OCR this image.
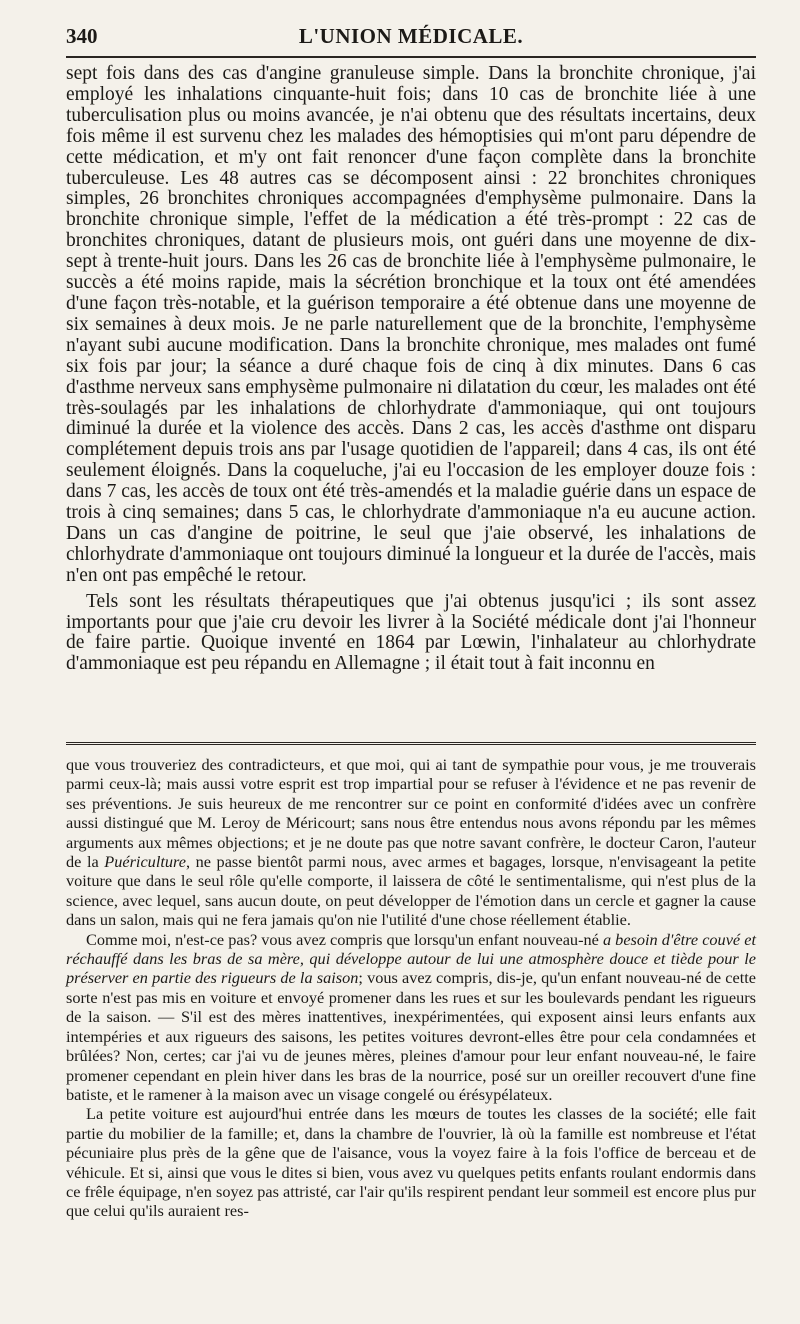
340	L'UNION MÉDICALE.

sept fois dans des cas d'angine granuleuse simple. Dans la bronchite chronique, j'ai employé les inhalations cinquante-huit fois; dans 10 cas de bronchite liée à une tuberculisation plus ou moins avancée, je n'ai obtenu que des résultats incertains, deux fois même il est survenu chez les malades des hémoptisies qui m'ont paru dépendre de cette médication, et m'y ont fait renoncer d'une façon complète dans la bronchite tuberculeuse. Les 48 autres cas se décomposent ainsi : 22 bronchites chroniques simples, 26 bronchites chroniques accompagnées d'emphysème pulmonaire. Dans la bronchite chronique simple, l'effet de la médication a été très-prompt : 22 cas de bronchites chroniques, datant de plusieurs mois, ont guéri dans une moyenne de dix-sept à trente-huit jours. Dans les 26 cas de bronchite liée à l'emphysème pulmonaire, le succès a été moins rapide, mais la sécrétion bronchique et la toux ont été amendées d'une façon très-notable, et la guérison temporaire a été obtenue dans une moyenne de six semaines à deux mois. Je ne parle naturellement que de la bronchite, l'emphysème n'ayant subi aucune modification. Dans la bronchite chronique, mes malades ont fumé six fois par jour; la séance a duré chaque fois de cinq à dix minutes. Dans 6 cas d'asthme nerveux sans emphysème pulmonaire ni dilatation du cœur, les malades ont été très-soulagés par les inhalations de chlorhydrate d'ammoniaque, qui ont toujours diminué la durée et la violence des accès. Dans 2 cas, les accès d'asthme ont disparu complétement depuis trois ans par l'usage quotidien de l'appareil; dans 4 cas, ils ont été seulement éloignés. Dans la coqueluche, j'ai eu l'occasion de les employer douze fois : dans 7 cas, les accès de toux ont été très-amendés et la maladie guérie dans un espace de trois à cinq semaines; dans 5 cas, le chlorhydrate d'ammoniaque n'a eu aucune action. Dans un cas d'angine de poitrine, le seul que j'aie observé, les inhalations de chlorhydrate d'ammoniaque ont toujours diminué la longueur et la durée de l'accès, mais n'en ont pas empêché le retour.

Tels sont les résultats thérapeutiques que j'ai obtenus jusqu'ici ; ils sont assez importants pour que j'aie cru devoir les livrer à la Société médicale dont j'ai l'honneur de faire partie. Quoique inventé en 1864 par Lœwin, l'inhalateur au chlorhydrate d'ammoniaque est peu répandu en Allemagne ; il était tout à fait inconnu en

que vous trouveriez des contradicteurs, et que moi, qui ai tant de sympathie pour vous, je me trouverais parmi ceux-là; mais aussi votre esprit est trop impartial pour se refuser à l'évidence et ne pas revenir de ses préventions. Je suis heureux de me rencontrer sur ce point en conformité d'idées avec un confrère aussi distingué que M. Leroy de Méricourt; sans nous être entendus nous avons répondu par les mêmes arguments aux mêmes objections; et je ne doute pas que notre savant confrère, le docteur Caron, l'auteur de la Puériculture, ne passe bientôt parmi nous, avec armes et bagages, lorsque, n'envisageant la petite voiture que dans le seul rôle qu'elle comporte, il laissera de côté le sentimentalisme, qui n'est plus de la science, avec lequel, sans aucun doute, on peut développer de l'émotion dans un cercle et gagner la cause dans un salon, mais qui ne fera jamais qu'on nie l'utilité d'une chose réellement établie.

Comme moi, n'est-ce pas? vous avez compris que lorsqu'un enfant nouveau-né a besoin d'être couvé et réchauffé dans les bras de sa mère, qui développe autour de lui une atmosphère douce et tiède pour le préserver en partie des rigueurs de la saison; vous avez compris, dis-je, qu'un enfant nouveau-né de cette sorte n'est pas mis en voiture et envoyé promener dans les rues et sur les boulevards pendant les rigueurs de la saison. — S'il est des mères inattentives, inexpérimentées, qui exposent ainsi leurs enfants aux intempéries et aux rigueurs des saisons, les petites voitures devront-elles être pour cela condamnées et brûlées? Non, certes; car j'ai vu de jeunes mères, pleines d'amour pour leur enfant nouveau-né, le faire promener cependant en plein hiver dans les bras de la nourrice, posé sur un oreiller recouvert d'une fine batiste, et le ramener à la maison avec un visage congelé ou érésypélateux.

La petite voiture est aujourd'hui entrée dans les mœurs de toutes les classes de la société; elle fait partie du mobilier de la famille; et, dans la chambre de l'ouvrier, là où la famille est nombreuse et l'état pécuniaire plus près de la gêne que de l'aisance, vous la voyez faire à la fois l'office de berceau et de véhicule. Et si, ainsi que vous le dites si bien, vous avez vu quelques petits enfants roulant endormis dans ce frêle équipage, n'en soyez pas attristé, car l'air qu'ils respirent pendant leur sommeil est encore plus pur que celui qu'ils auraient res-
